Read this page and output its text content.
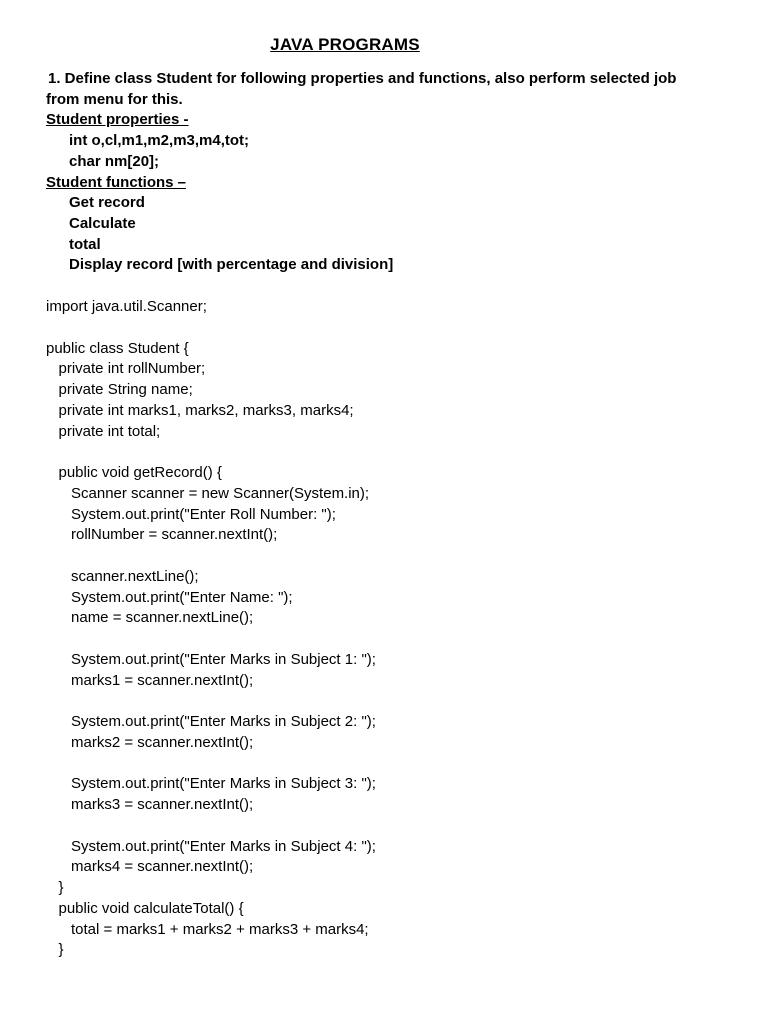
JAVA PROGRAMS
1. Define class Student for following properties and functions, also perform selected job
from menu for this.
Student properties -
int o,cl,m1,m2,m3,m4,tot;
char nm[20];
Student functions –
Get record
Calculate
total
Display record [with percentage and division]
import java.util.Scanner;
public class Student {
private int rollNumber;
private String name;
private int marks1, marks2, marks3, marks4;
private int total;
public void getRecord() {
Scanner scanner = new Scanner(System.in);
System.out.print("Enter Roll Number: ");
rollNumber = scanner.nextInt();
scanner.nextLine();
System.out.print("Enter Name: ");
name = scanner.nextLine();
System.out.print("Enter Marks in Subject 1: ");
marks1 = scanner.nextInt();
System.out.print("Enter Marks in Subject 2: ");
marks2 = scanner.nextInt();
System.out.print("Enter Marks in Subject 3: ");
marks3 = scanner.nextInt();
System.out.print("Enter Marks in Subject 4: ");
marks4 = scanner.nextInt();
}
public void calculateTotal() {
total = marks1 + marks2 + marks3 + marks4;
}
